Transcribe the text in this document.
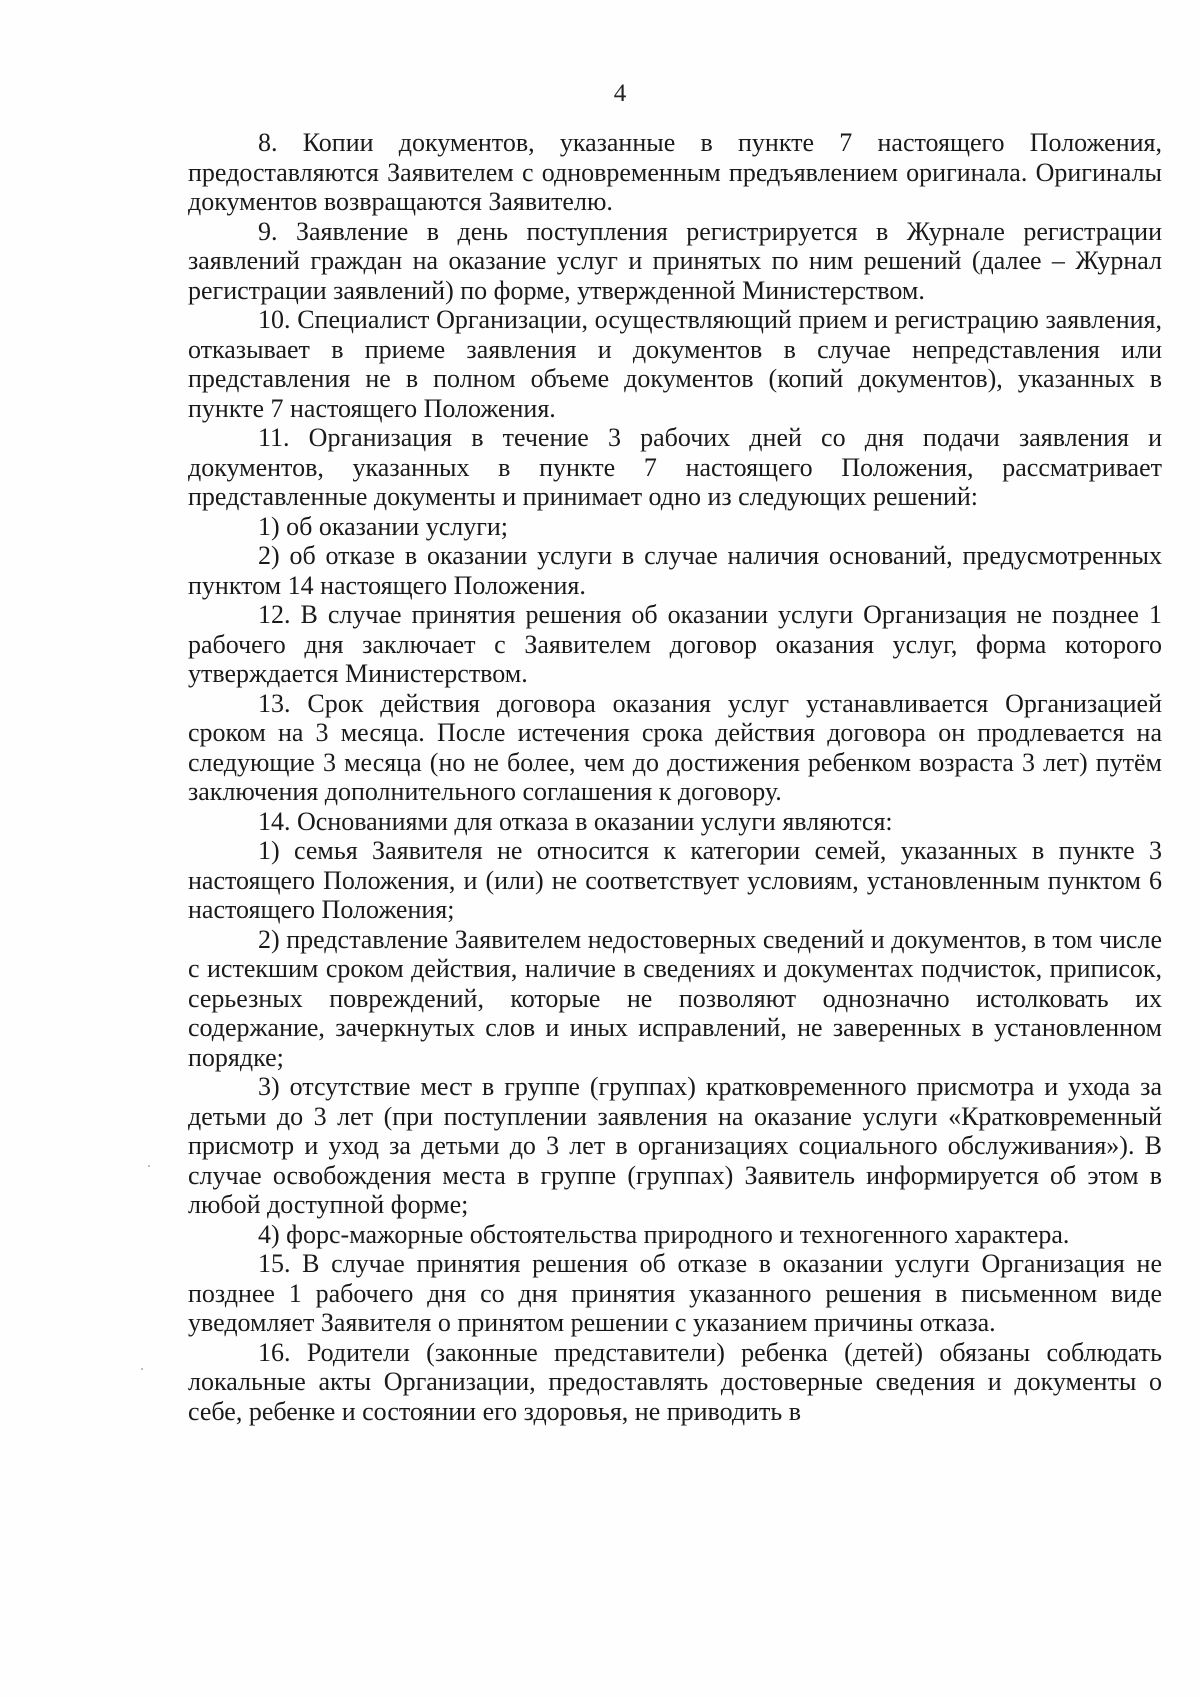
4

8. Копии документов, указанные в пункте 7 настоящего Положения, предоставляются Заявителем с одновременным предъявлением оригинала. Оригиналы документов возвращаются Заявителю.

9. Заявление в день поступления регистрируется в Журнале регистрации заявлений граждан на оказание услуг и принятых по ним решений (далее – Журнал регистрации заявлений) по форме, утвержденной Министерством.

10. Специалист Организации, осуществляющий прием и регистрацию заявления, отказывает в приеме заявления и документов в случае непредставления или представления не в полном объеме документов (копий документов), указанных в пункте 7 настоящего Положения.

11. Организация в течение 3 рабочих дней со дня подачи заявления и документов, указанных в пункте 7 настоящего Положения, рассматривает представленные документы и принимает одно из следующих решений:

1) об оказании услуги;

2) об отказе в оказании услуги в случае наличия оснований, предусмотренных пунктом 14 настоящего Положения.

12. В случае принятия решения об оказании услуги Организация не позднее 1 рабочего дня заключает с Заявителем договор оказания услуг, форма которого утверждается Министерством.

13. Срок действия договора оказания услуг устанавливается Организацией сроком на 3 месяца. После истечения срока действия договора он продлевается на следующие 3 месяца (но не более, чем до достижения ребенком возраста 3 лет) путём заключения дополнительного соглашения к договору.

14. Основаниями для отказа в оказании услуги являются:

1) семья Заявителя не относится к категории семей, указанных в пункте 3 настоящего Положения, и (или) не соответствует условиям, установленным пунктом 6 настоящего Положения;

2) представление Заявителем недостоверных сведений и документов, в том числе с истекшим сроком действия, наличие в сведениях и документах подчисток, приписок, серьезных повреждений, которые не позволяют однозначно истолковать их содержание, зачеркнутых слов и иных исправлений, не заверенных в установленном порядке;

3) отсутствие мест в группе (группах) кратковременного присмотра и ухода за детьми до 3 лет (при поступлении заявления на оказание услуги «Кратковременный присмотр и уход за детьми до 3 лет в организациях социального обслуживания»). В случае освобождения места в группе (группах) Заявитель информируется об этом в любой доступной форме;

4) форс-мажорные обстоятельства природного и техногенного характера.

15. В случае принятия решения об отказе в оказании услуги Организация не позднее 1 рабочего дня со дня принятия указанного решения в письменном виде уведомляет Заявителя о принятом решении с указанием причины отказа.

16. Родители (законные представители) ребенка (детей) обязаны соблюдать локальные акты Организации, предоставлять достоверные сведения и документы о себе, ребенке и состоянии его здоровья, не приводить в
